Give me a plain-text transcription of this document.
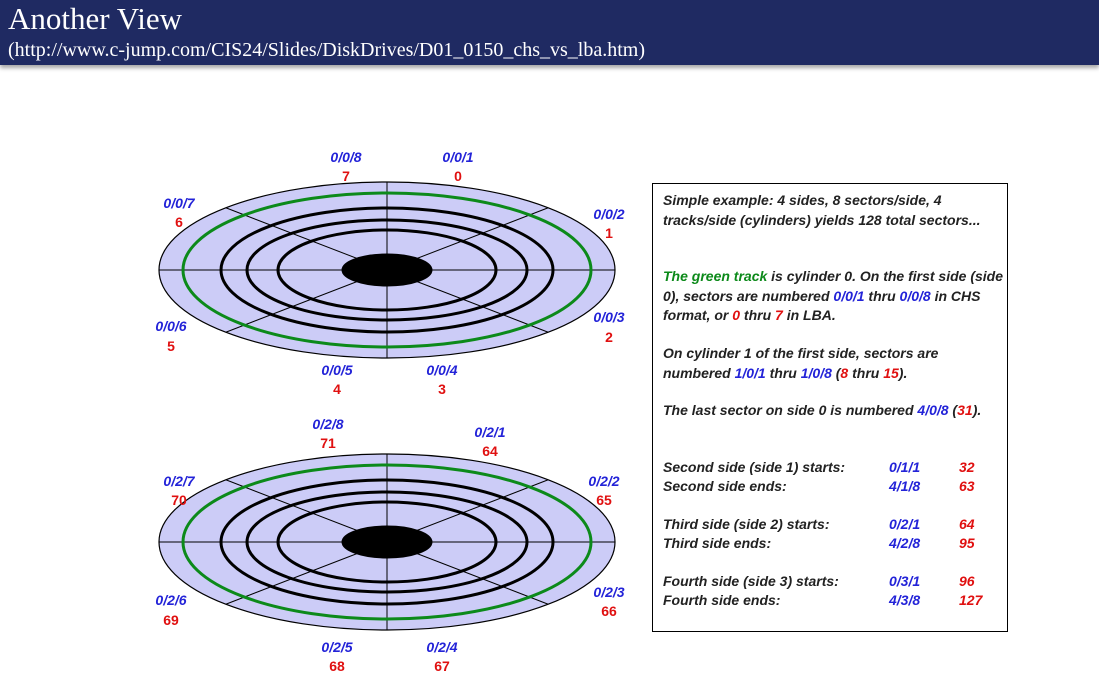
Another View
(http://www.c-jump.com/CIS24/Slides/DiskDrives/D01_0150_chs_vs_lba.htm)
0/0/8
7
0/0/1
0
0/0/7
6	0/0/2
1
0/0/6
5
0/0/3
2
0/0/5
4
0/0/4
3
0/2/8
71
0/2/1
64
0/2/7
70
0/2/2
65
0/2/6
69
0/2/3
66
0/2/5
68
0/2/4
67
Simple example: 4 sides, 8 sectors/side, 4 tracks/side (cylinders) yields 128 total sectors...
The green track is cylinder 0. On the first side (side 0), sectors are numbered 0/0/1 thru 0/0/8 in CHS format, or 0 thru 7 in LBA.
On cylinder 1 of the first side, sectors are numbered 1/0/1 thru 1/0/8 (8 thru 15).
The last sector on side 0 is numbered 4/0/8 (31).
Second side (side 1) starts:	0/1/1	32
Second side ends:	4/1/8	63
Third side (side 2) starts:	0/2/1	64
Third side ends:	4/2/8	95
Fourth side (side 3) starts:	0/3/1	96
Fourth side ends:	4/3/8	127
